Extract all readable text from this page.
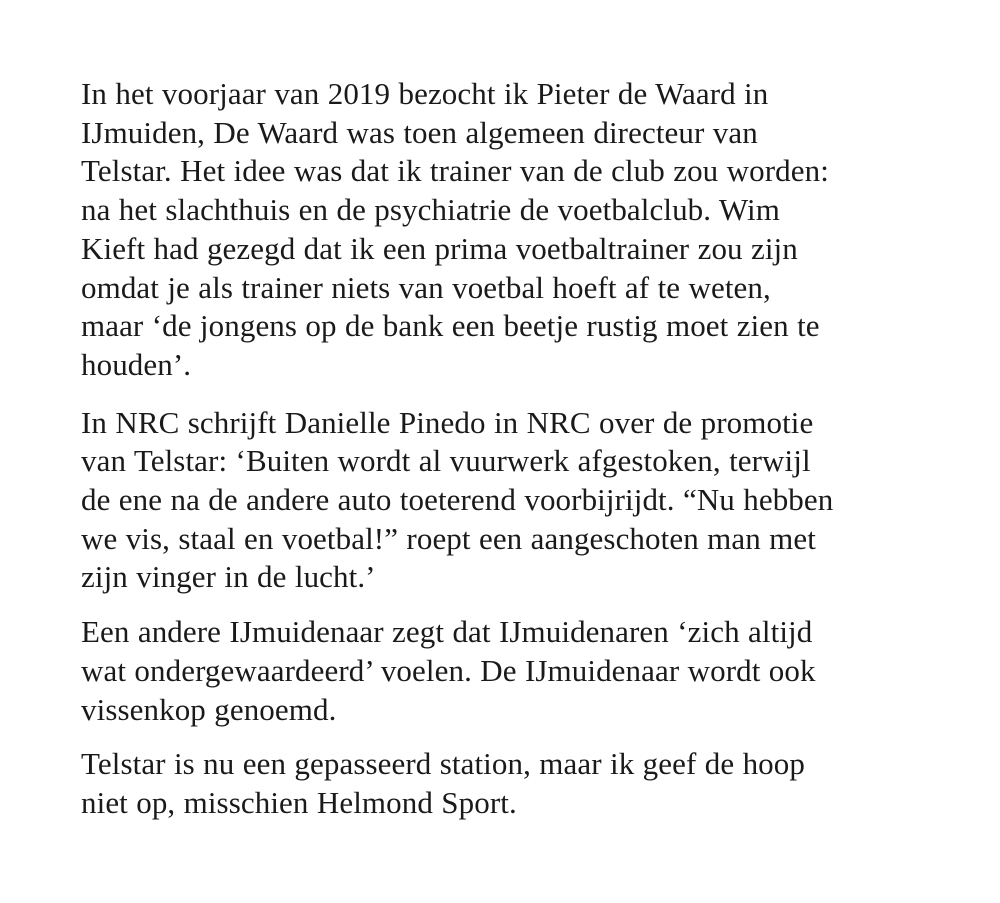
In het voorjaar van 2019 bezocht ik Pieter de Waard in
IJmuiden, De Waard was toen algemeen directeur van
Telstar. Het idee was dat ik trainer van de club zou worden:
na het slachthuis en de psychiatrie de voetbalclub. Wim
Kieft had gezegd dat ik een prima voetbaltrainer zou zijn
omdat je als trainer niets van voetbal hoeft af te weten,
maar ‘de jongens op de bank een beetje rustig moet zien te
houden’.

In NRC schrijft Danielle Pinedo in NRC over de promotie
van Telstar: ‘Buiten wordt al vuurwerk afgestoken, terwijl
de ene na de andere auto toeterend voorbijrijdt. “Nu hebben
we vis, staal en voetbal!” roept een aangeschoten man met
zijn vinger in de lucht.’

Een andere IJmuidenaar zegt dat IJmuidenaren ‘zich altijd
wat ondergewaardeerd’ voelen. De IJmuidenaar wordt ook
vissenkop genoemd.

Telstar is nu een gepasseerd station, maar ik geef de hoop
niet op, misschien Helmond Sport.
